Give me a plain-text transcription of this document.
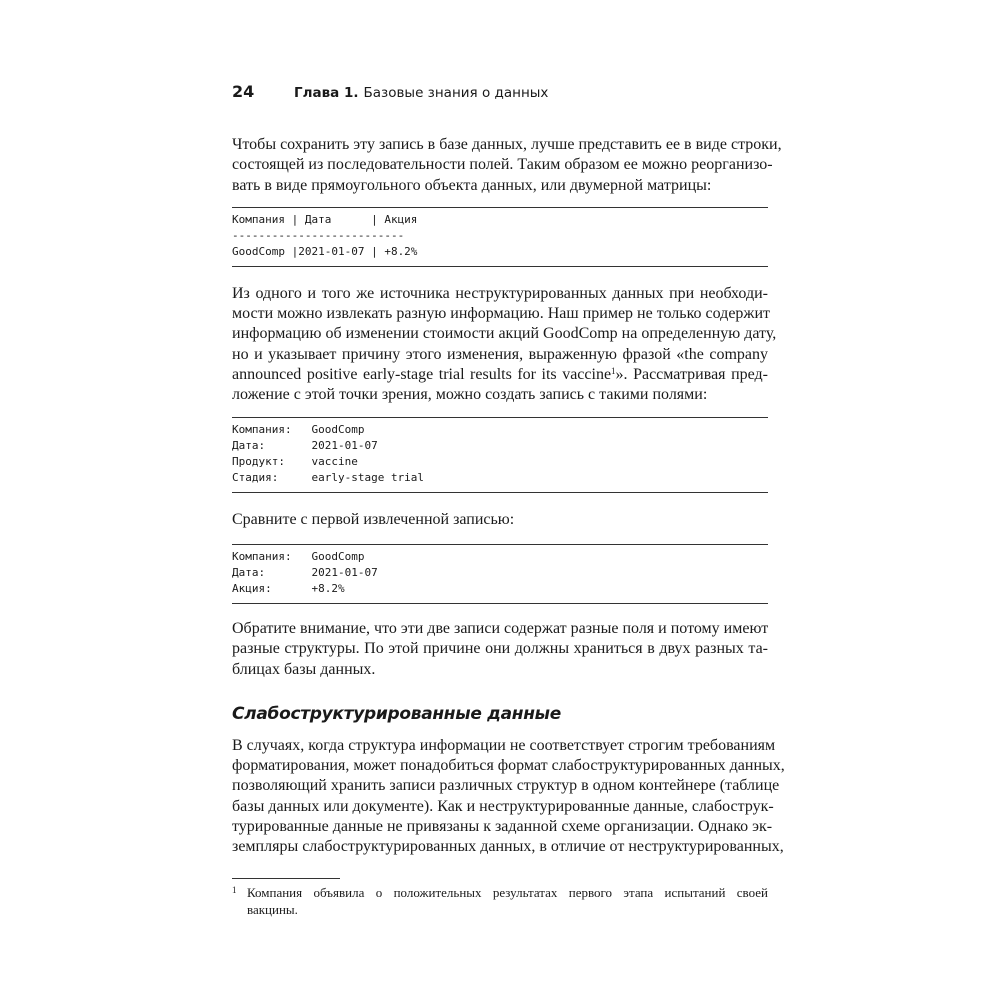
24	Глава 1. Базовые знания о данных

Чтобы сохранить эту запись в базе данных, лучше представить ее в виде строки,
состоящей из последовательности полей. Таким образом ее можно реорганизо-
вать в виде прямоугольного объекта данных, или двумерной матрицы:

Компания | Дата      | Акция
--------------------------
GoodComp |2021-01-07 | +8.2%

Из одного и того же источника неструктурированных данных при необходи-
мости можно извлекать разную информацию. Наш пример не только содержит
информацию об изменении стоимости акций GoodComp на определенную дату,
но и указывает причину этого изменения, выраженную фразой «the company
announced positive early-stage trial results for its vaccine$^1$». Рассматривая пред-
ложение с этой точки зрения, можно создать запись с такими полями:

Компания:   GoodComp
Дата:       2021-01-07
Продукт:    vaccine
Стадия:     early-stage trial

Сравните с первой извлеченной записью:

Компания:   GoodComp
Дата:       2021-01-07
Акция:      +8.2%

Обратите внимание, что эти две записи содержат разные поля и потому имеют
разные структуры. По этой причине они должны храниться в двух разных та-
блицах базы данных.

Слабоструктурированные данные

В случаях, когда структура информации не соответствует строгим требованиям
форматирования, может понадобиться формат слабоструктурированных данных,
позволяющий хранить записи различных структур в одном контейнере (таблице
базы данных или документе). Как и неструктурированные данные, слабострук-
турированные данные не привязаны к заданной схеме организации. Однако эк-
земпляры слабоструктурированных данных, в отличие от неструктурированных,

1 Компания объявила о положительных результатах первого этапа испытаний своей
вакцины.
